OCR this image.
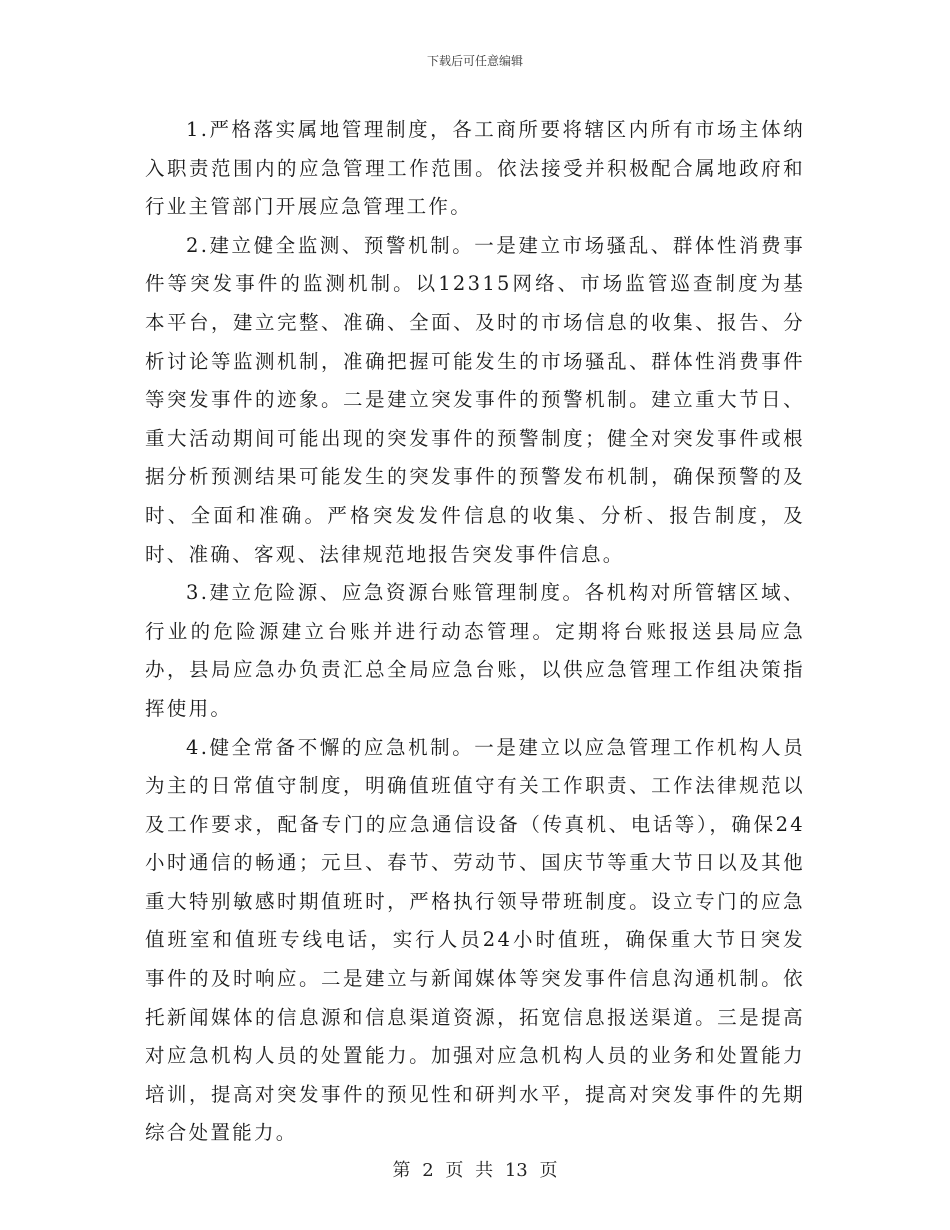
下载后可任意编辑

1.严格落实属地管理制度，各工商所要将辖区内所有市场主体纳入职责范围内的应急管理工作范围。依法接受并积极配合属地政府和行业主管部门开展应急管理工作。

2.建立健全监测、预警机制。一是建立市场骚乱、群体性消费事件等突发事件的监测机制。以12315网络、市场监管巡查制度为基本平台，建立完整、准确、全面、及时的市场信息的收集、报告、分析讨论等监测机制，准确把握可能发生的市场骚乱、群体性消费事件等突发事件的迹象。二是建立突发事件的预警机制。建立重大节日、重大活动期间可能出现的突发事件的预警制度；健全对突发事件或根据分析预测结果可能发生的突发事件的预警发布机制，确保预警的及时、全面和准确。严格突发发件信息的收集、分析、报告制度，及时、准确、客观、法律规范地报告突发事件信息。

3.建立危险源、应急资源台账管理制度。各机构对所管辖区域、行业的危险源建立台账并进行动态管理。定期将台账报送县局应急办，县局应急办负责汇总全局应急台账，以供应急管理工作组决策指挥使用。

4.健全常备不懈的应急机制。一是建立以应急管理工作机构人员为主的日常值守制度，明确值班值守有关工作职责、工作法律规范以及工作要求，配备专门的应急通信设备（传真机、电话等），确保24小时通信的畅通；元旦、春节、劳动节、国庆节等重大节日以及其他重大特别敏感时期值班时，严格执行领导带班制度。设立专门的应急值班室和值班专线电话，实行人员24小时值班，确保重大节日突发事件的及时响应。二是建立与新闻媒体等突发事件信息沟通机制。依托新闻媒体的信息源和信息渠道资源，拓宽信息报送渠道。三是提高对应急机构人员的处置能力。加强对应急机构人员的业务和处置能力培训，提高对突发事件的预见性和研判水平，提高对突发事件的先期综合处置能力。

第 2 页 共 13 页
